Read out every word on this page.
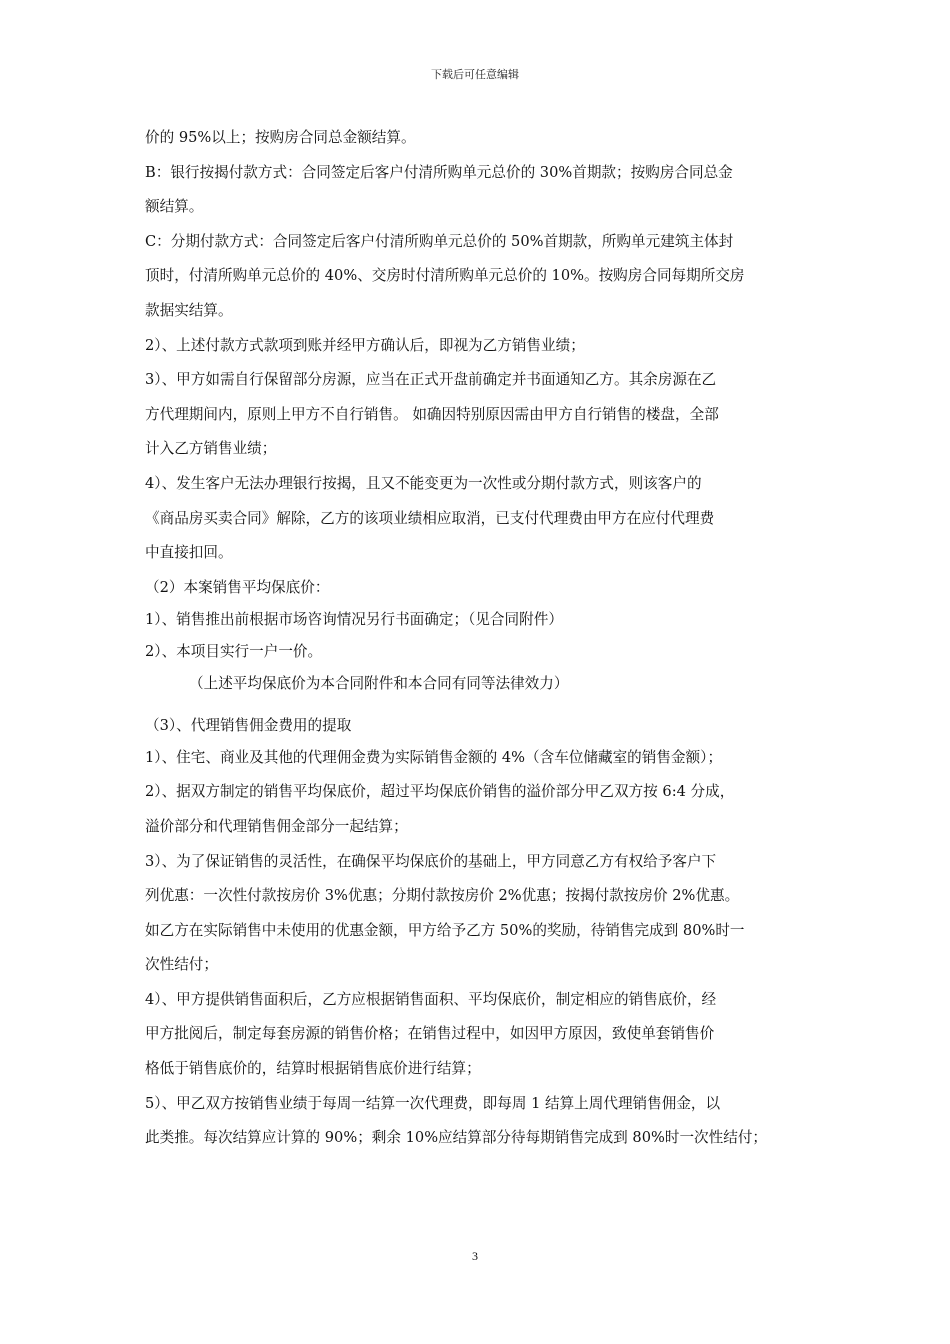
下载后可任意编辑
价的 95%以上；按购房合同总金额结算。
B：银行按揭付款方式：合同签定后客户付清所购单元总价的 30%首期款；按购房合同总金
额结算。
C：分期付款方式：合同签定后客户付清所购单元总价的 50%首期款，所购单元建筑主体封
顶时，付清所购单元总价的 40%、交房时付清所购单元总价的 10%。按购房合同每期所交房
款据实结算。
2）、上述付款方式款项到账并经甲方确认后，即视为乙方销售业绩；
3）、甲方如需自行保留部分房源，应当在正式开盘前确定并书面通知乙方。其余房源在乙
方代理期间内，原则上甲方不自行销售。 如确因特别原因需由甲方自行销售的楼盘，全部
计入乙方销售业绩；
4）、发生客户无法办理银行按揭，且又不能变更为一次性或分期付款方式，则该客户的
《商品房买卖合同》解除，乙方的该项业绩相应取消，已支付代理费由甲方在应付代理费
中直接扣回。
（2）本案销售平均保底价：
1）、销售推出前根据市场咨询情况另行书面确定；（见合同附件）
2）、本项目实行一户一价。
（上述平均保底价为本合同附件和本合同有同等法律效力）
（3）、代理销售佣金费用的提取
1）、住宅、商业及其他的代理佣金费为实际销售金额的 4%（含车位储藏室的销售金额）；
2）、据双方制定的销售平均保底价，超过平均保底价销售的溢价部分甲乙双方按 6:4 分成，
溢价部分和代理销售佣金部分一起结算；
3）、为了保证销售的灵活性，在确保平均保底价的基础上，甲方同意乙方有权给予客户下
列优惠：一次性付款按房价 3%优惠；分期付款按房价 2%优惠；按揭付款按房价 2%优惠。
如乙方在实际销售中未使用的优惠金额，甲方给予乙方 50%的奖励，待销售完成到 80%时一
次性结付；
4）、甲方提供销售面积后，乙方应根据销售面积、平均保底价，制定相应的销售底价，经
甲方批阅后，制定每套房源的销售价格；在销售过程中，如因甲方原因，致使单套销售价
格低于销售底价的，结算时根据销售底价进行结算；
5）、甲乙双方按销售业绩于每周一结算一次代理费，即每周 1 结算上周代理销售佣金，以
此类推。每次结算应计算的 90%；剩余 10%应结算部分待每期销售完成到 80%时一次性结付；
3
